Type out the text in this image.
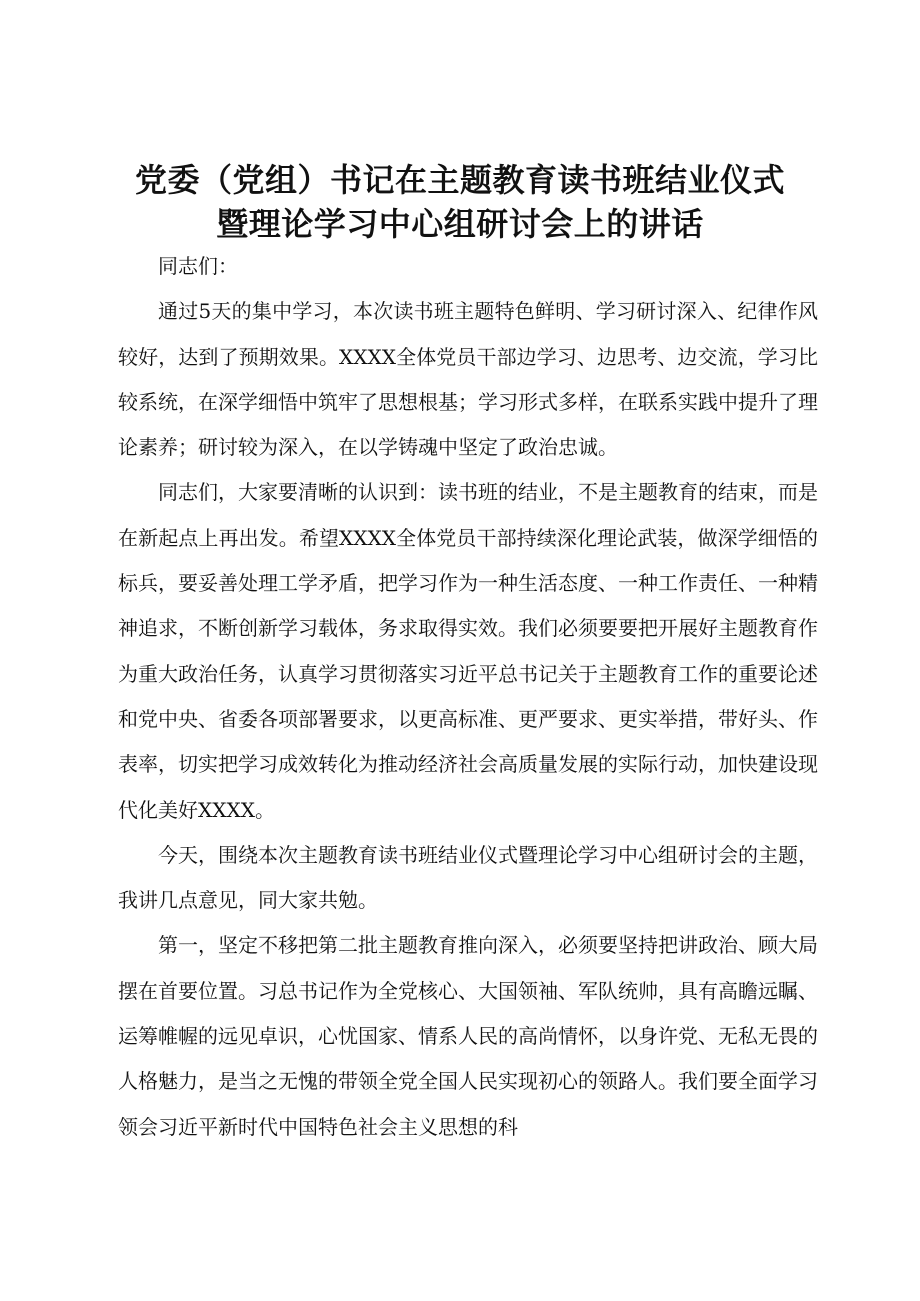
党委（党组）书记在主题教育读书班结业仪式
暨理论学习中心组研讨会上的讲话

同志们：

通过5天的集中学习，本次读书班主题特色鲜明、学习研讨深入、纪律作风较好，达到了预期效果。XXXX全体党员干部边学习、边思考、边交流，学习比较系统，在深学细悟中筑牢了思想根基；学习形式多样，在联系实践中提升了理论素养；研讨较为深入，在以学铸魂中坚定了政治忠诚。

同志们，大家要清晰的认识到：读书班的结业，不是主题教育的结束，而是在新起点上再出发。希望XXXX全体党员干部持续深化理论武装，做深学细悟的标兵，要妥善处理工学矛盾，把学习作为一种生活态度、一种工作责任、一种精神追求，不断创新学习载体，务求取得实效。我们必须要要把开展好主题教育作为重大政治任务，认真学习贯彻落实习近平总书记关于主题教育工作的重要论述和党中央、省委各项部署要求，以更高标准、更严要求、更实举措，带好头、作表率，切实把学习成效转化为推动经济社会高质量发展的实际行动，加快建设现代化美好XXXX。

今天，围绕本次主题教育读书班结业仪式暨理论学习中心组研讨会的主题，我讲几点意见，同大家共勉。

第一，坚定不移把第二批主题教育推向深入，必须要坚持把讲政治、顾大局摆在首要位置。习总书记作为全党核心、大国领袖、军队统帅，具有高瞻远瞩、运筹帷幄的远见卓识，心忧国家、情系人民的高尚情怀，以身许党、无私无畏的人格魅力，是当之无愧的带领全党全国人民实现初心的领路人。我们要全面学习领会习近平新时代中国特色社会主义思想的科
